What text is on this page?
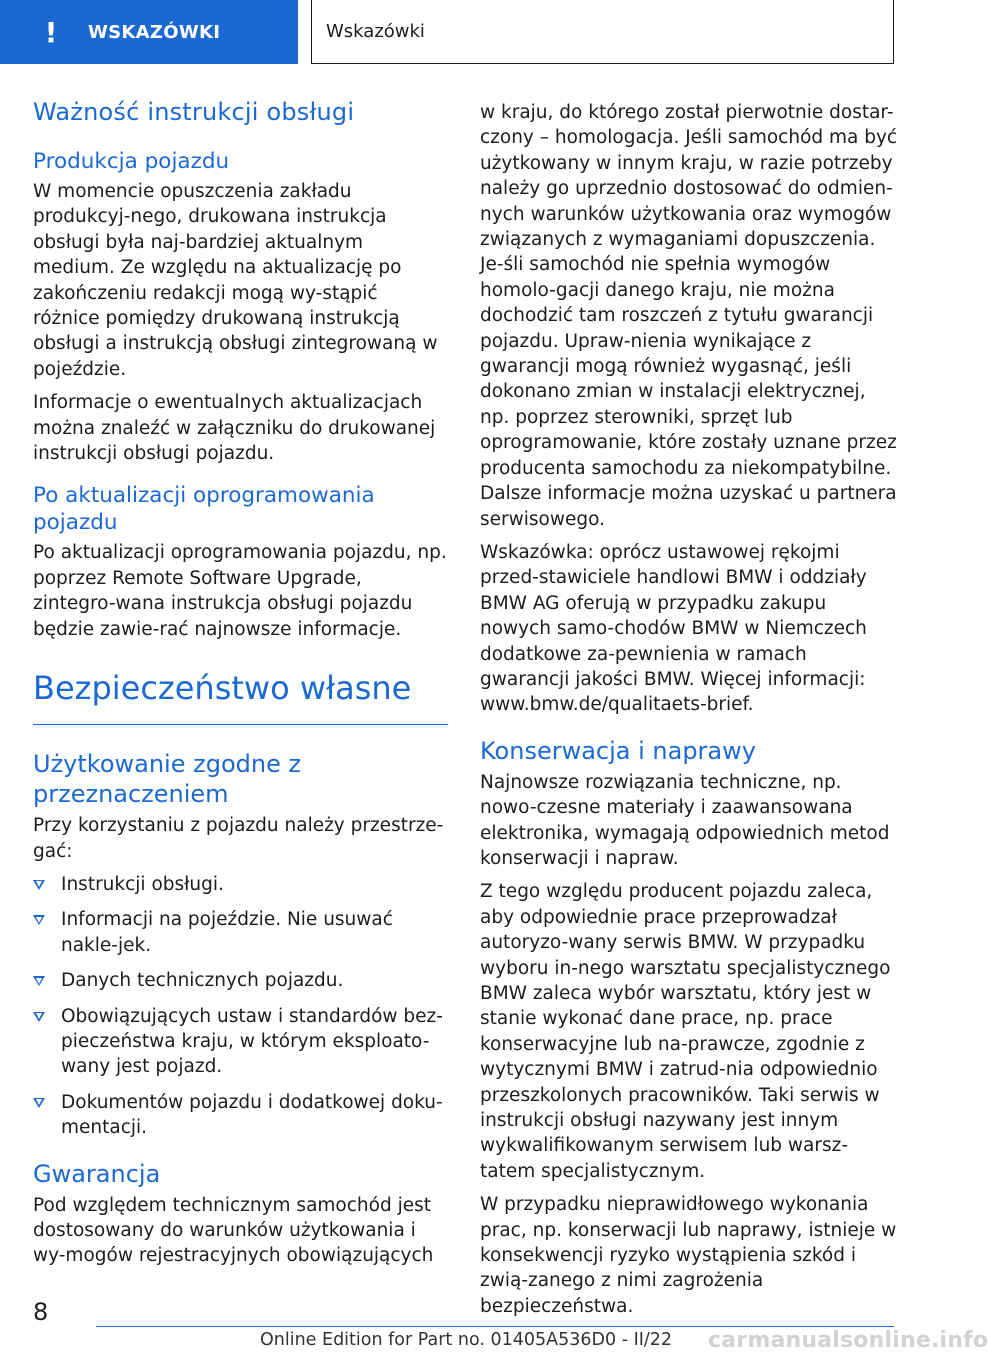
! WSKAZÓWKI	Wskazówki
Ważność instrukcji obsługi
Produkcja pojazdu

W momencie opuszczenia zakładu produkcyj-nego, drukowana instrukcja obsługi była naj-bardziej aktualnym medium. Ze względu na aktualizację po zakończeniu redakcji mogą wy-stąpić różnice pomiędzy drukowaną instrukcją obsługi a instrukcją obsługi zintegrowaną w pojeździe.

Informacje o ewentualnych aktualizacjach można znaleźć w załączniku do drukowanej instrukcji obsługi pojazdu.

Po aktualizacji oprogramowania pojazdu

Po aktualizacji oprogramowania pojazdu, np. poprzez Remote Software Upgrade, zintegro-wana instrukcja obsługi pojazdu będzie zawie-rać najnowsze informacje.

Bezpieczeństwo własne
Użytkowanie zgodne z przeznaczeniem

Przy korzystaniu z pojazdu należy przestrze-gać:

Instrukcji obsługi.
Informacji na pojeździe. Nie usuwać nakle-jek.
Danych technicznych pojazdu.
Obowiązujących ustaw i standardów bez-pieczeństwa kraju, w którym eksploato-wany jest pojazd.
Dokumentów pojazdu i dodatkowej doku-mentacji.
Gwarancja

Pod względem technicznym samochód jest dostosowany do warunków użytkowania i wy-mogów rejestracyjnych obowiązujących

w kraju, do którego został pierwotnie dostar-czony – homologacja. Jeśli samochód ma być użytkowany w innym kraju, w razie potrzeby należy go uprzednio dostosować do odmien-nych warunków użytkowania oraz wymogów związanych z wymaganiami dopuszczenia. Je-śli samochód nie spełnia wymogów homolo-gacji danego kraju, nie można dochodzić tam roszczeń z tytułu gwarancji pojazdu. Upraw-nienia wynikające z gwarancji mogą również wygasnąć, jeśli dokonano zmian w instalacji elektrycznej, np. poprzez sterowniki, sprzęt lub oprogramowanie, które zostały uznane przez producenta samochodu za niekompatybilne. Dalsze informacje można uzyskać u partnera serwisowego.

Wskazówka: oprócz ustawowej rękojmi przed-stawiciele handlowi BMW i oddziały BMW AG oferują w przypadku zakupu nowych samo-chodów BMW w Niemczech dodatkowe za-pewnienia w ramach gwarancji jakości BMW. Więcej informacji: www.bmw.de/qualitaets-brief.

Konserwacja i naprawy

Najnowsze rozwiązania techniczne, np. nowo-czesne materiały i zaawansowana elektronika, wymagają odpowiednich metod konserwacji i napraw.

Z tego względu producent pojazdu zaleca, aby odpowiednie prace przeprowadzał autoryzo-wany serwis BMW. W przypadku wyboru in-nego warsztatu specjalistycznego BMW zaleca wybór warsztatu, który jest w stanie wykonać dane prace, np. prace konserwacyjne lub na-prawcze, zgodnie z wytycznymi BMW i zatrud-nia odpowiednio przeszkolonych pracowników. Taki serwis w instrukcji obsługi nazywany jest innym wykwalifikowanym serwisem lub warsz-tatem specjalistycznym.

W przypadku nieprawidłowego wykonania prac, np. konserwacji lub naprawy, istnieje w konsekwencji ryzyko wystąpienia szkód i zwią-zanego z nimi zagrożenia bezpieczeństwa.

8
Online Edition for Part no. 01405A536D0 - II/22 carmanualsonline.info
